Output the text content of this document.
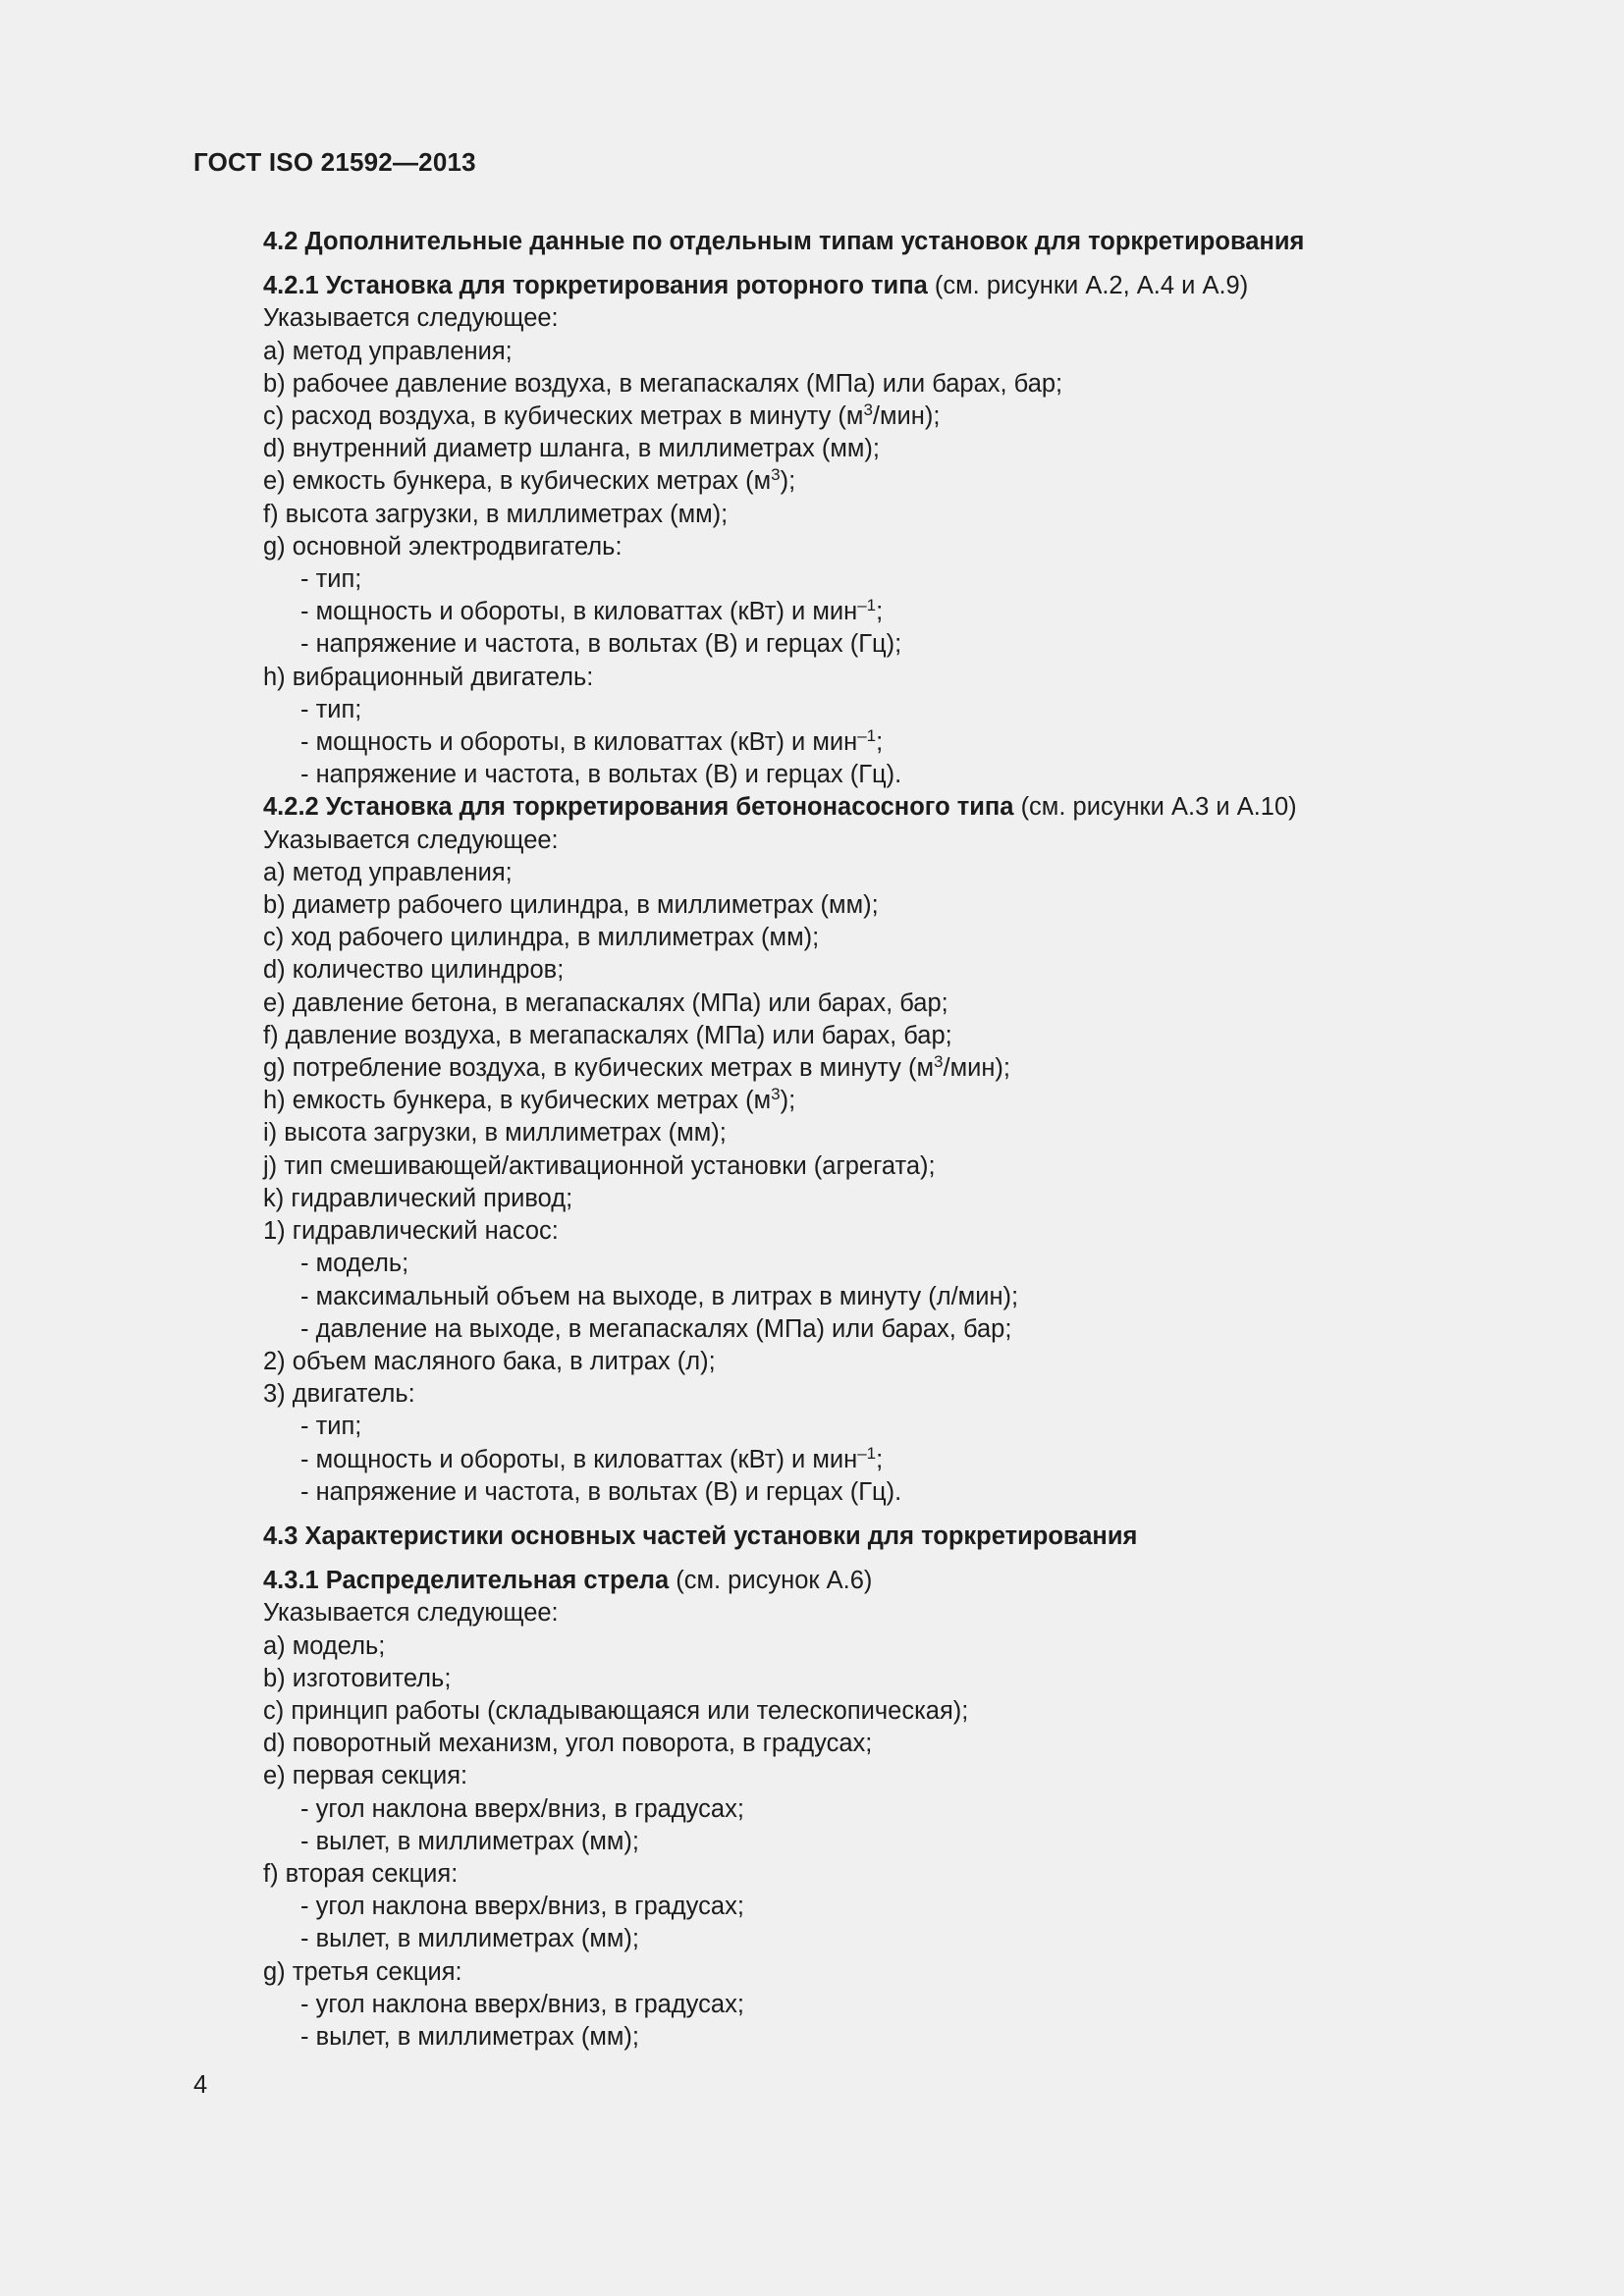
ГОСТ ISO 21592—2013
4.2 Дополнительные данные по отдельным типам установок для торкретирования
4.2.1 Установка для торкретирования роторного типа (см. рисунки А.2, А.4 и А.9)
Указывается следующее:
a) метод управления;
b) рабочее давление воздуха, в мегапаскалях (МПа) или барах, бар;
c) расход воздуха, в кубических метрах в минуту $(м^3/мин)$;
d) внутренний диаметр шланга, в миллиметрах (мм);
e) емкость бункера, в кубических метрах $(м^3)$;
f) высота загрузки, в миллиметрах (мм);
g) основной электродвигатель:
- тип;
- мощность и обороты, в киловаттах (кВт) и мин$^{-1}$;
- напряжение и частота, в вольтах (В) и герцах (Гц);
h) вибрационный двигатель:
- тип;
- мощность и обороты, в киловаттах (кВт) и мин$^{-1}$;
- напряжение и частота, в вольтах (В) и герцах (Гц).
4.2.2 Установка для торкретирования бетононасосного типа (см. рисунки А.3 и А.10)
Указывается следующее:
a) метод управления;
b) диаметр рабочего цилиндра, в миллиметрах (мм);
c) ход рабочего цилиндра, в миллиметрах (мм);
d) количество цилиндров;
e) давление бетона, в мегапаскалях (МПа) или барах, бар;
f) давление воздуха, в мегапаскалях (МПа) или барах, бар;
g) потребление воздуха, в кубических метрах в минуту $(м^3/мин)$;
h) емкость бункера, в кубических метрах $(м^3)$;
i) высота загрузки, в миллиметрах (мм);
j) тип смешивающей/активационной установки (агрегата);
k) гидравлический привод;
1) гидравлический насос:
- модель;
- максимальный объем на выходе, в литрах в минуту (л/мин);
- давление на выходе, в мегапаскалях (МПа) или барах, бар;
2) объем масляного бака, в литрах (л);
3) двигатель:
- тип;
- мощность и обороты, в киловаттах (кВт) и мин$^{-1}$;
- напряжение и частота, в вольтах (В) и герцах (Гц).
4.3 Характеристики основных частей установки для торкретирования
4.3.1 Распределительная стрела (см. рисунок А.6)
Указывается следующее:
a) модель;
b) изготовитель;
c) принцип работы (складывающаяся или телескопическая);
d) поворотный механизм, угол поворота, в градусах;
e) первая секция:
- угол наклона вверх/вниз, в градусах;
- вылет, в миллиметрах (мм);
f) вторая секция:
- угол наклона вверх/вниз, в градусах;
- вылет, в миллиметрах (мм);
g) третья секция:
- угол наклона вверх/вниз, в градусах;
- вылет, в миллиметрах (мм);
4
